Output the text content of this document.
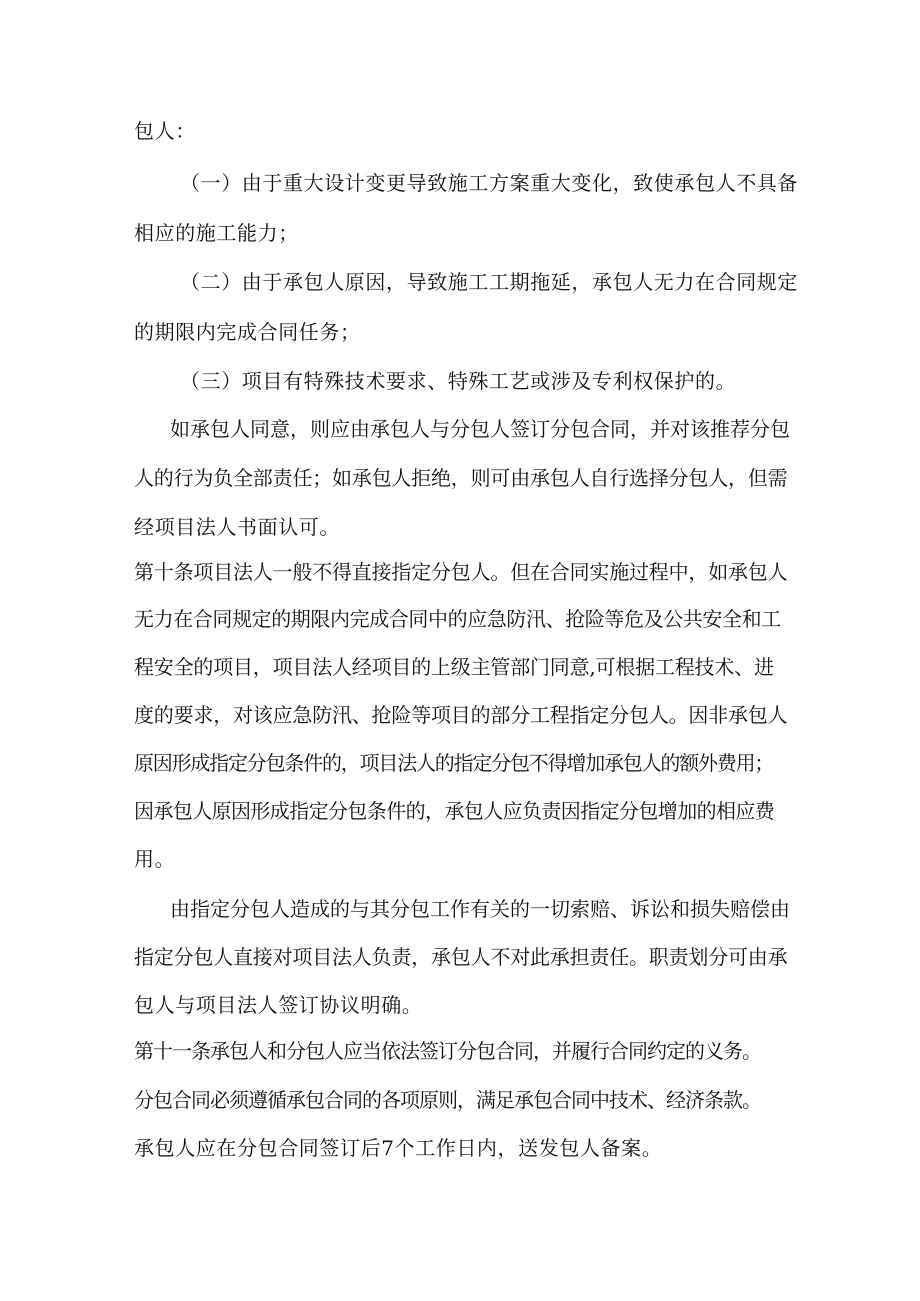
包人：
（一）由于重大设计变更导致施工方案重大变化，致使承包人不具备
相应的施工能力；
（二）由于承包人原因，导致施工工期拖延，承包人无力在合同规定
的期限内完成合同任务；
（三）项目有特殊技术要求、特殊工艺或涉及专利权保护的。
如承包人同意，则应由承包人与分包人签订分包合同，并对该推荐分包
人的行为负全部责任；如承包人拒绝，则可由承包人自行选择分包人，但需
经项目法人书面认可。
第十条项目法人一般不得直接指定分包人。但在合同实施过程中，如承包人
无力在合同规定的期限内完成合同中的应急防汛、抢险等危及公共安全和工
程安全的项目，项目法人经项目的上级主管部门同意,可根据工程技术、进
度的要求，对该应急防汛、抢险等项目的部分工程指定分包人。因非承包人
原因形成指定分包条件的，项目法人的指定分包不得增加承包人的额外费用；
因承包人原因形成指定分包条件的，承包人应负责因指定分包增加的相应费
用。
由指定分包人造成的与其分包工作有关的一切索赔、诉讼和损失赔偿由
指定分包人直接对项目法人负责，承包人不对此承担责任。职责划分可由承
包人与项目法人签订协议明确。
第十一条承包人和分包人应当依法签订分包合同，并履行合同约定的义务。
分包合同必须遵循承包合同的各项原则，满足承包合同中技术、经济条款。
承包人应在分包合同签订后7个工作日内，送发包人备案。
